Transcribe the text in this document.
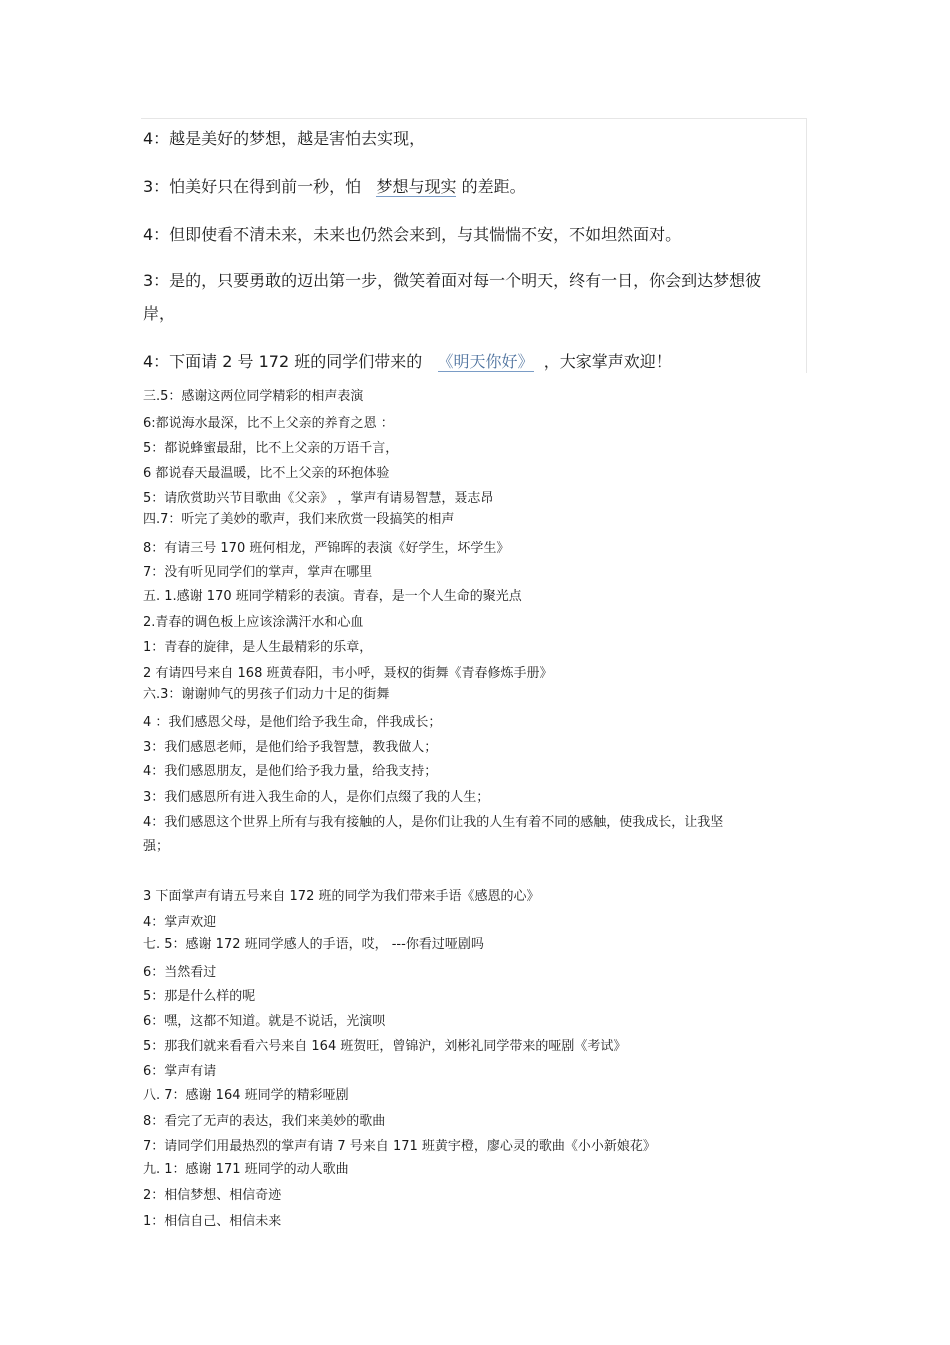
4：越是美好的梦想，越是害怕去实现，
3：怕美好只在得到前一秒，怕 梦想与现实 的差距。
4：但即使看不清未来，未来也仍然会来到，与其惴惴不安，不如坦然面对。
3：是的，只要勇敢的迈出第一步，微笑着面对每一个明天，终有一日，你会到达梦想彼岸，
4：下面请 2 号 172 班的同学们带来的 《明天你好》 ，大家掌声欢迎！
三.5：感谢这两位同学精彩的相声表演
6:都说海水最深，比不上父亲的养育之恩 ：
5：都说蜂蜜最甜，比不上父亲的万语千言，
6 都说春天最温暖，比不上父亲的环抱体验
5：请欣赏助兴节目歌曲《父亲》 ，掌声有请易智慧，聂志昂
四.7：听完了美妙的歌声，我们来欣赏一段搞笑的相声
8：有请三号 170 班何相龙，严锦晖的表演《好学生，坏学生》
7：没有听见同学们的掌声，掌声在哪里
五. 1.感谢 170 班同学精彩的表演。青春，是一个人生命的聚光点
2.青春的调色板上应该涂满汗水和心血
1：青春的旋律，是人生最精彩的乐章，
2 有请四号来自 168 班黄春阳，韦小呼，聂权的街舞《青春修炼手册》
六.3：谢谢帅气的男孩子们动力十足的街舞
4 ：我们感恩父母，是他们给予我生命，伴我成长；
3：我们感恩老师，是他们给予我智慧，教我做人；
4：我们感恩朋友，是他们给予我力量，给我支持；
3：我们感恩所有进入我生命的人，是你们点缀了我的人生；
4：我们感恩这个世界上所有与我有接触的人，是你们让我的人生有着不同的感触，使我成长，让我坚强；
3 下面掌声有请五号来自 172 班的同学为我们带来手语《感恩的心》
4：掌声欢迎
七. 5：感谢 172 班同学感人的手语，哎， ---你看过哑剧吗
6：当然看过
5：那是什么样的呢
6：嘿，这都不知道。就是不说话，光演呗
5：那我们就来看看六号来自 164 班贺旺，曾锦沪，刘彬礼同学带来的哑剧《考试》
6：掌声有请
八. 7：感谢 164 班同学的精彩哑剧
8：看完了无声的表达，我们来美妙的歌曲
7：请同学们用最热烈的掌声有请 7 号来自 171 班黄宇橙，廖心灵的歌曲《小小新娘花》
九. 1：感谢 171 班同学的动人歌曲
2：相信梦想、相信奇迹
1：相信自己、相信未来
